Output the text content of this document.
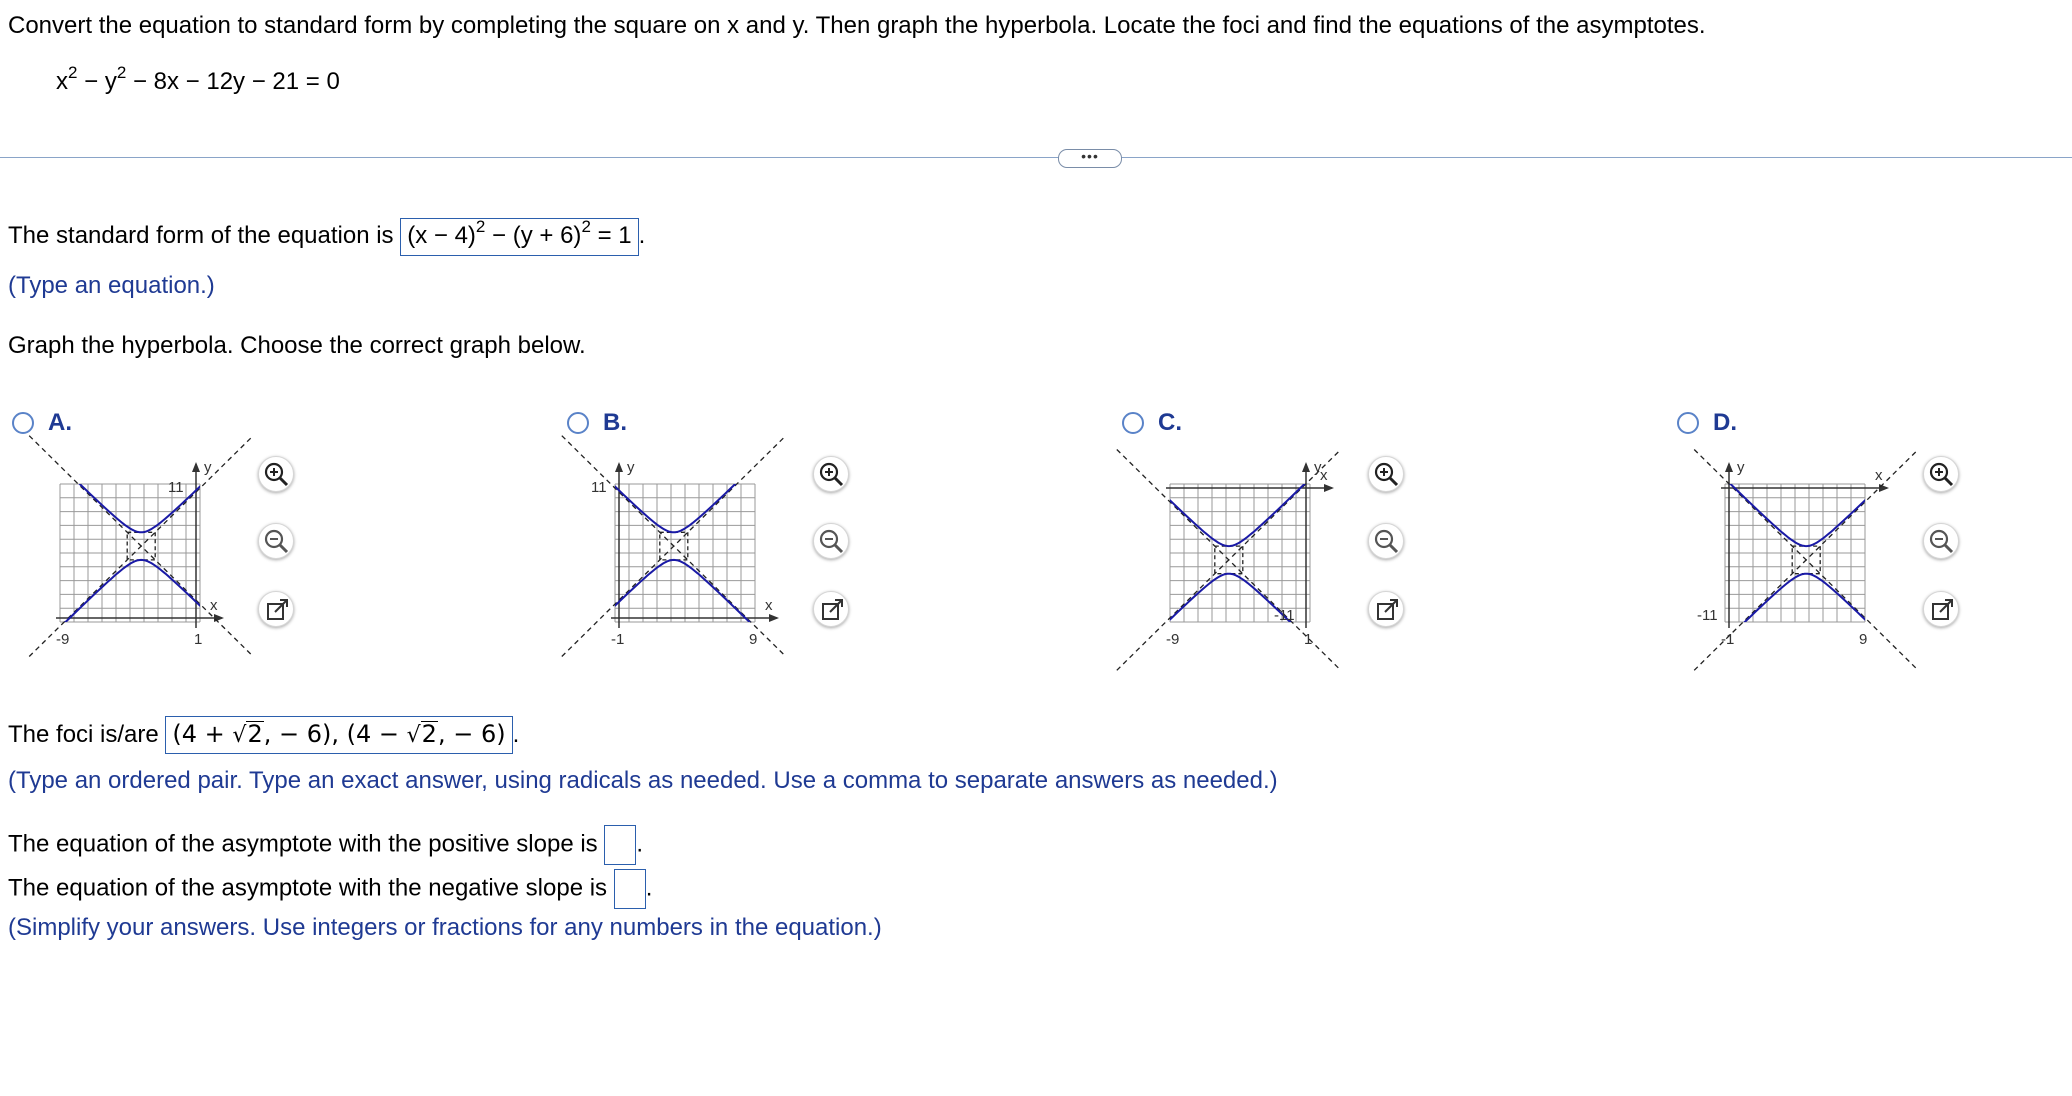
Convert the equation to standard form by completing the square on x and y. Then graph the hyperbola. Locate the foci and find the equations of the asymptotes.
$x^2 - y^2 - 8x - 12y - 21 = 0$
•••
The standard form of the equation is $(x - 4)^2 - (y + 6)^2 = 1$ .
(Type an equation.)
Graph the hyperbola. Choose the correct graph below.
A.	B.	C.	D.
y
x
-9	1
11
y
x
-1	9
11
y
x
-9	1
-11
y	x
-1	9
-11
The foci is/are (4 + √2, − 6), (4 − √2, − 6) .
(Type an ordered pair. Type an exact answer, using radicals as needed. Use a comma to separate answers as needed.)
The equation of the asymptote with the positive slope is .
The equation of the asymptote with the negative slope is .
(Simplify your answers. Use integers or fractions for any numbers in the equation.)
